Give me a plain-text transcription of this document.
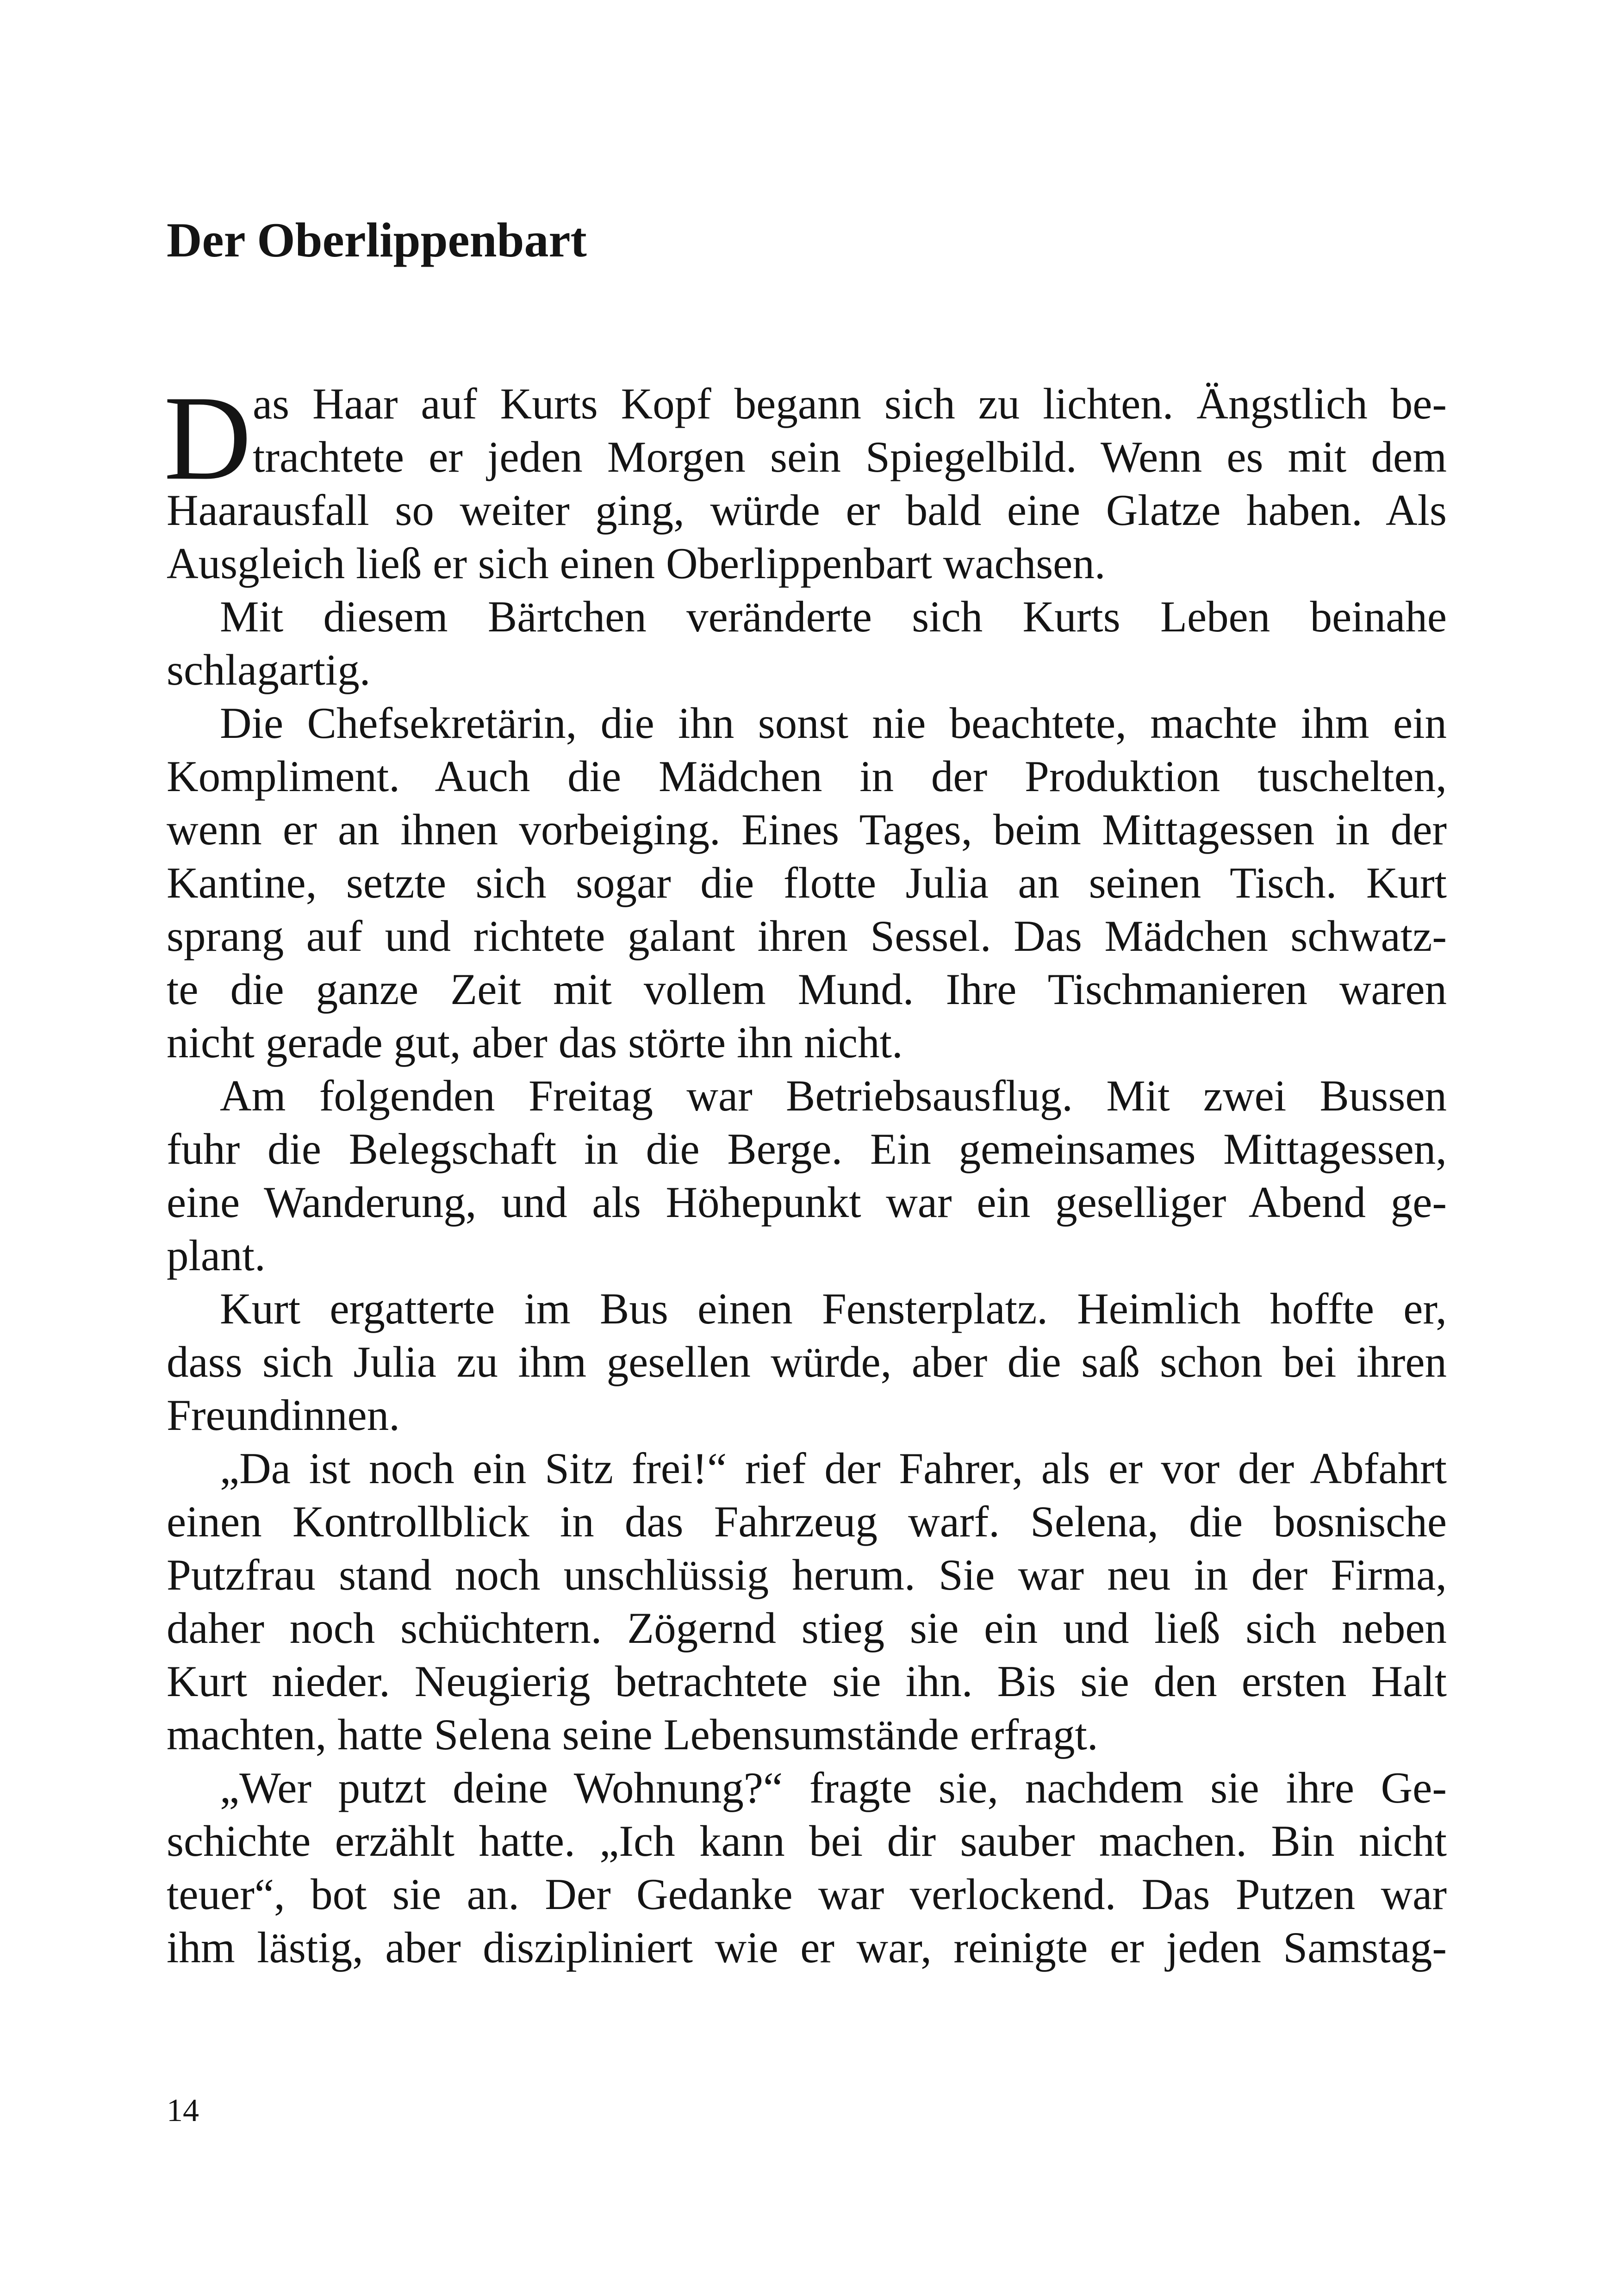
Der Oberlippenbart
D as Haar auf Kurts Kopf begann sich zu lichten. Ängstlich be-
trachtete er jeden Morgen sein Spiegelbild. Wenn es mit dem
Haarausfall so weiter ging, würde er bald eine Glatze haben. Als
Ausgleich ließ er sich einen Oberlippenbart wachsen.
Mit diesem Bärtchen veränderte sich Kurts Leben beinahe
schlagartig.
Die Chefsekretärin, die ihn sonst nie beachtete, machte ihm ein
Kompliment. Auch die Mädchen in der Produktion tuschelten,
wenn er an ihnen vorbeiging. Eines Tages, beim Mittagessen in der
Kantine, setzte sich sogar die flotte Julia an seinen Tisch. Kurt
sprang auf und richtete galant ihren Sessel. Das Mädchen schwatz-
te die ganze Zeit mit vollem Mund. Ihre Tischmanieren waren
nicht gerade gut, aber das störte ihn nicht.
Am folgenden Freitag war Betriebsausflug. Mit zwei Bussen
fuhr die Belegschaft in die Berge. Ein gemeinsames Mittagessen,
eine Wanderung, und als Höhepunkt war ein geselliger Abend ge-
plant.
Kurt ergatterte im Bus einen Fensterplatz. Heimlich hoffte er,
dass sich Julia zu ihm gesellen würde, aber die saß schon bei ihren
Freundinnen.
„Da ist noch ein Sitz frei!“ rief der Fahrer, als er vor der Abfahrt
einen Kontrollblick in das Fahrzeug warf. Selena, die bosnische
Putzfrau stand noch unschlüssig herum. Sie war neu in der Firma,
daher noch schüchtern. Zögernd stieg sie ein und ließ sich neben
Kurt nieder. Neugierig betrachtete sie ihn. Bis sie den ersten Halt
machten, hatte Selena seine Lebensumstände erfragt.
„Wer putzt deine Wohnung?“ fragte sie, nachdem sie ihre Ge-
schichte erzählt hatte. „Ich kann bei dir sauber machen. Bin nicht
teuer“, bot sie an. Der Gedanke war verlockend. Das Putzen war
ihm lästig, aber diszipliniert wie er war, reinigte er jeden Samstag-
14
